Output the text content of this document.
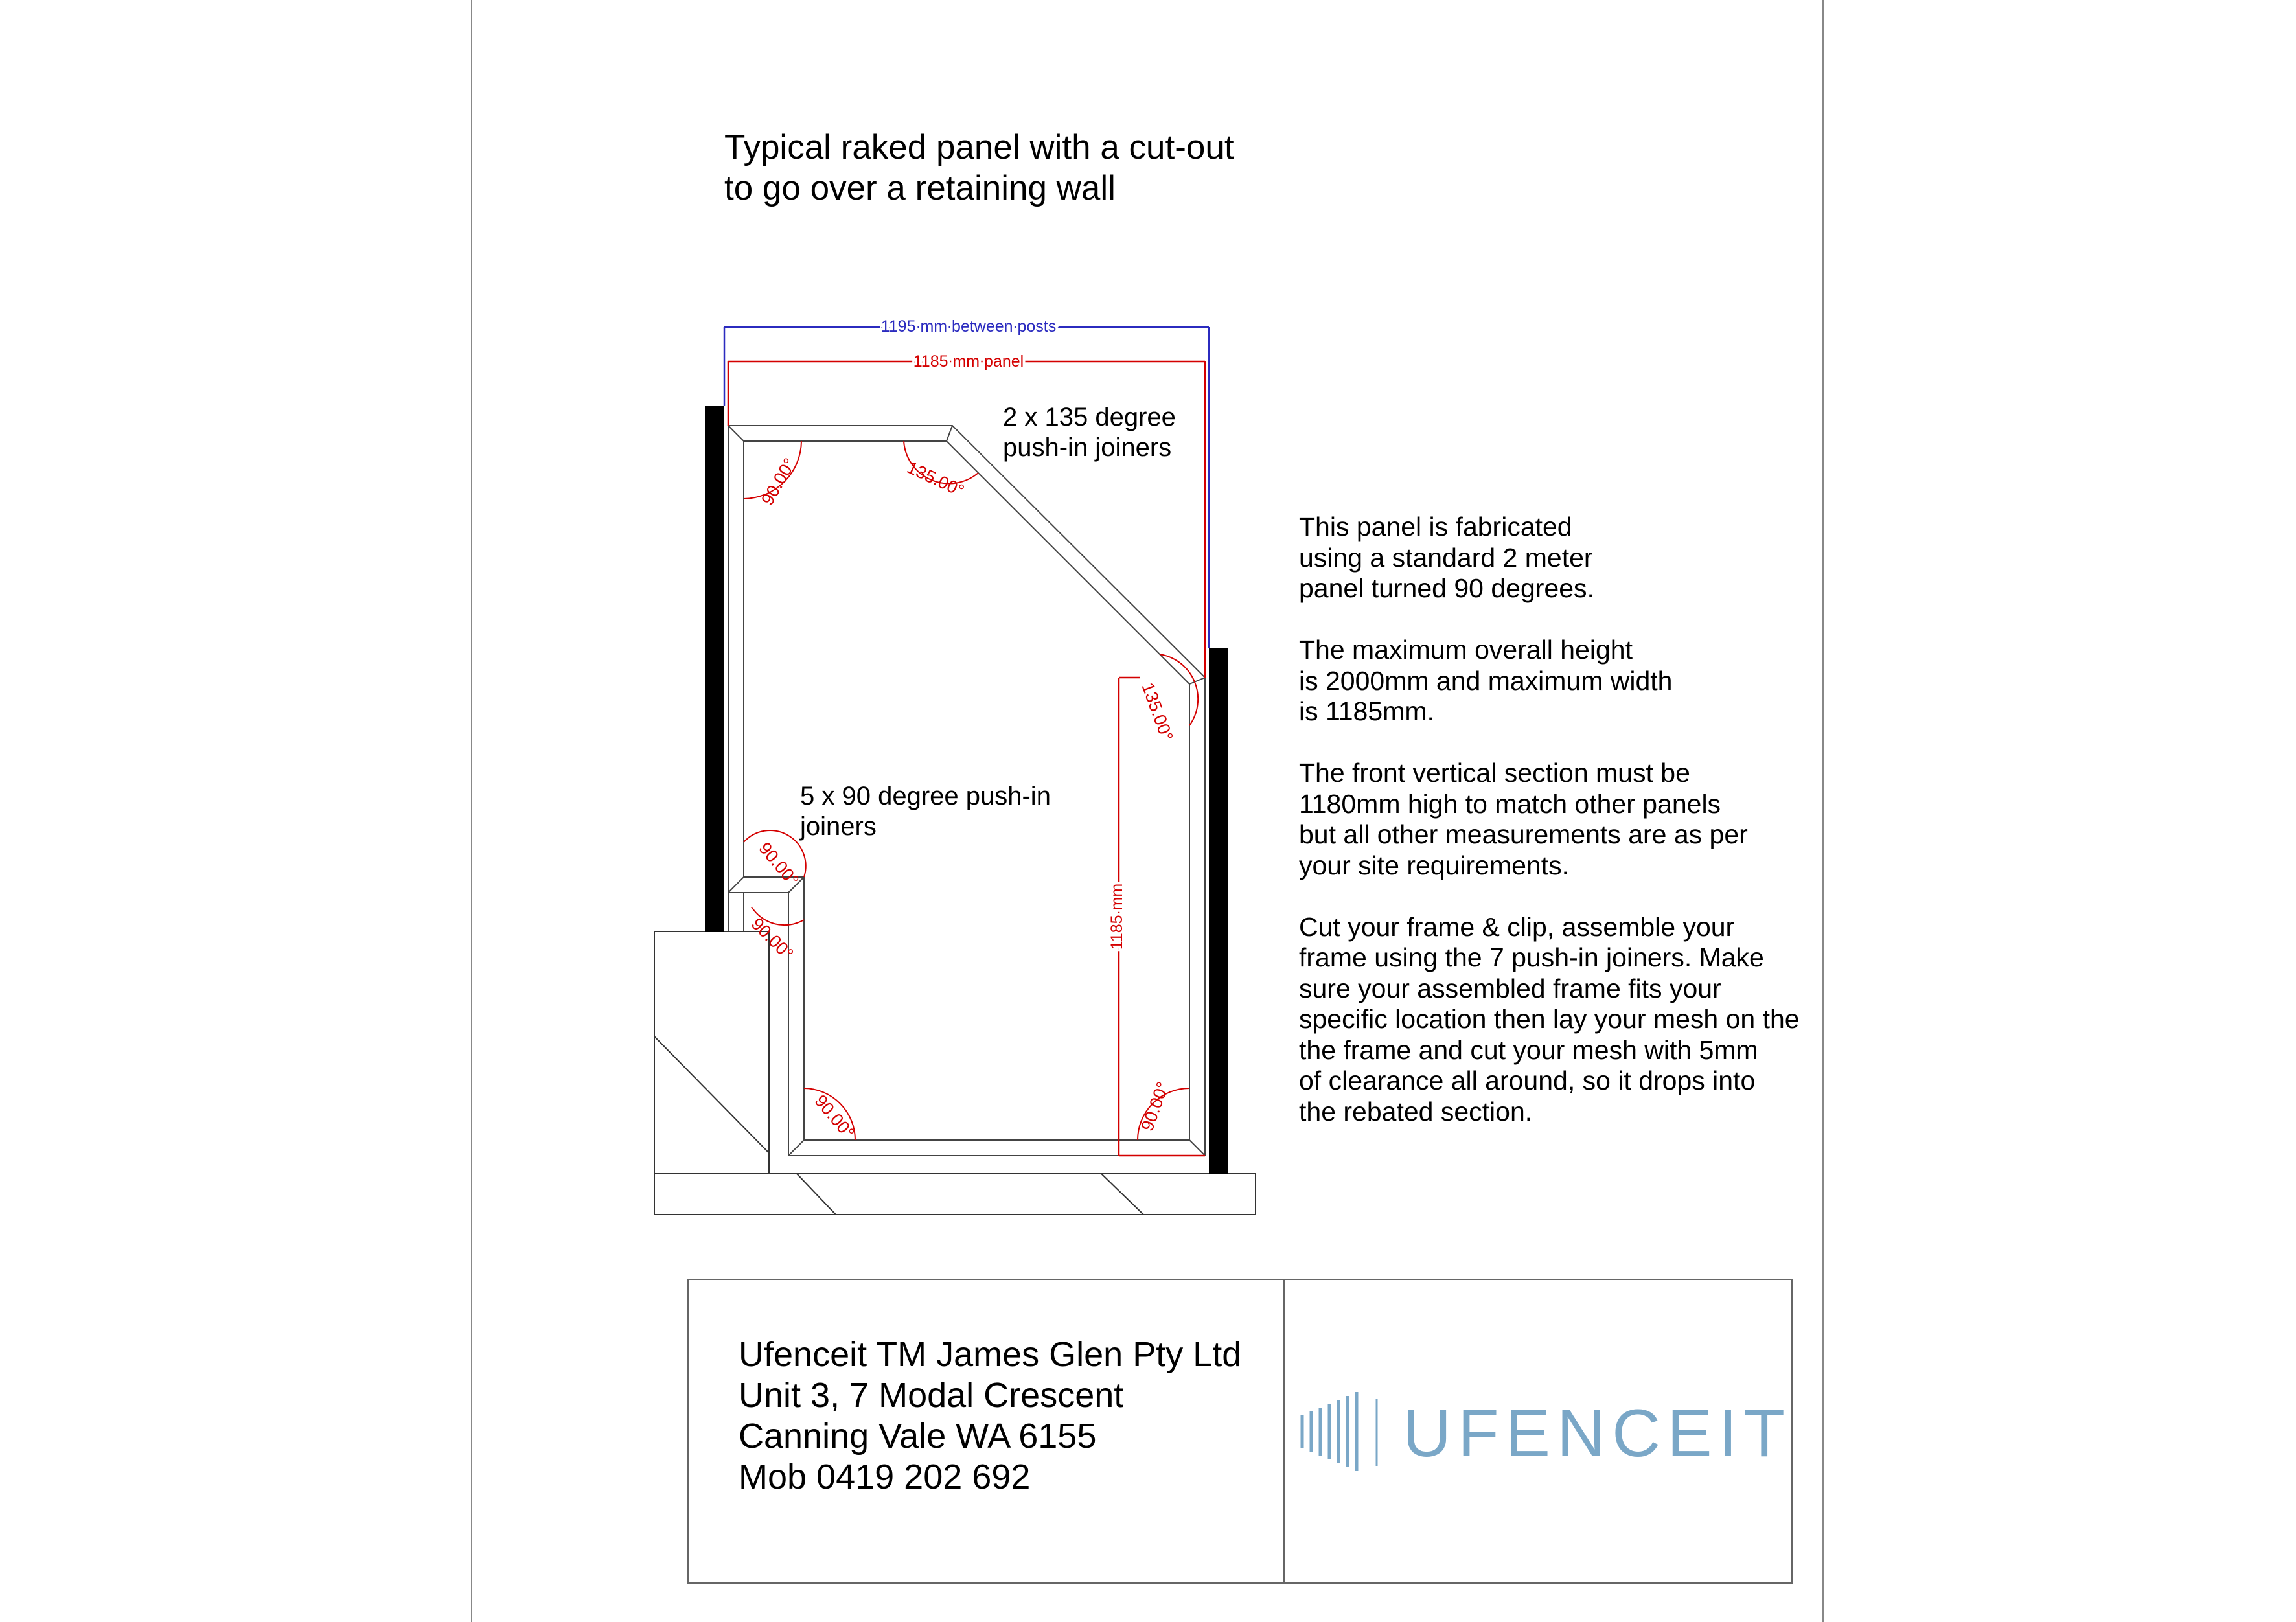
1195 mm between posts
1185 mm panel
1185 mm
90.00°	135.00°
135.00°
90.00°
90.00°
90.00°	90.00°
UFENCEIT
Typical raked panel with a cut-out
to go over a retaining wall
2 x 135 degree
push-in joiners
5 x 90 degree push-in
joiners

This panel is fabricated
using a standard 2 meter
panel turned 90 degrees.

The maximum overall height
is 2000mm and maximum width
is 1185mm.

The front vertical section must be
1180mm high to match other panels
but all other measurements are as per
your site requirements.

Cut your frame & clip, assemble your
frame using the 7 push-in joiners. Make
sure your assembled frame fits your
specific location then lay your mesh on the
the frame and cut your mesh with 5mm
of clearance all around, so it drops into
the rebated section.

Ufenceit TM James Glen Pty Ltd
Unit 3, 7 Modal Crescent
Canning Vale WA 6155
Mob 0419 202 692
